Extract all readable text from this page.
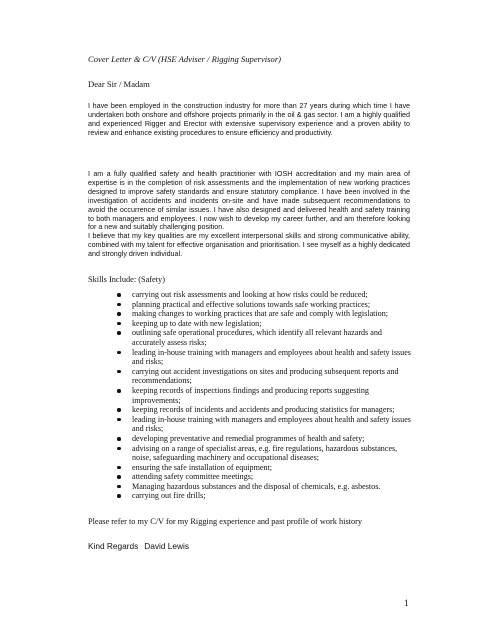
Cover Letter & C/V (HSE Adviser / Rigging Supervisor)
Dear Sir / Madam

I have been employed in the construction industry for more than 27 years during which time I have undertaken both onshore and offshore projects primarily in the oil & gas sector. I am a highly qualified and experienced Rigger and Erector with extensive supervisory experience and a proven ability to review and enhance existing procedures to ensure efficiency and productivity.

I am a fully qualified safety and health practitioner with IOSH accreditation and my main area of expertise is in the completion of risk assessments and the implementation of new working practices designed to improve safety standards and ensure statutory compliance. I have been involved in the investigation of accidents and incidents on-site and have made subsequent recommendations to avoid the occurrence of similar issues. I have also designed and delivered health and safety training to both managers and employees. I now wish to develop my career further, and am therefore looking for a new and suitably challenging position.

I believe that my key qualities are my excellent interpersonal skills and strong communicative ability, combined with my talent for effective organisation and prioritisation. I see myself as a highly dedicated and strongly driven individual.

Skills Include: (Safety)
carrying out risk assessments and looking at how risks could be reduced;
planning practical and effective solutions towards safe working practices;
making changes to working practices that are safe and comply with legislation;
keeping up to date with new legislation;
outlining safe operational procedures, which identify all relevant hazards and accurately assess risks;
leading in-house training with managers and employees about health and safety issues and risks;
carrying out accident investigations on sites and producing subsequent reports and recommendations;
keeping records of inspections findings and producing reports suggesting improvements;
keeping records of incidents and accidents and producing statistics for managers;
leading in-house training with managers and employees about health and safety issues and risks;
developing preventative and remedial programmes of health and safety;
advising on a range of specialist areas, e.g. fire regulations, hazardous substances, noise, safeguarding machinery and occupational diseases;
ensuring the safe installation of equipment;
attending safety committee meetings;
Managing hazardous substances and the disposal of chemicals, e.g. asbestos.
carrying out fire drills;
Please refer to my C/V for my Rigging experience and past profile of work history
Kind Regards David Lewis
1
